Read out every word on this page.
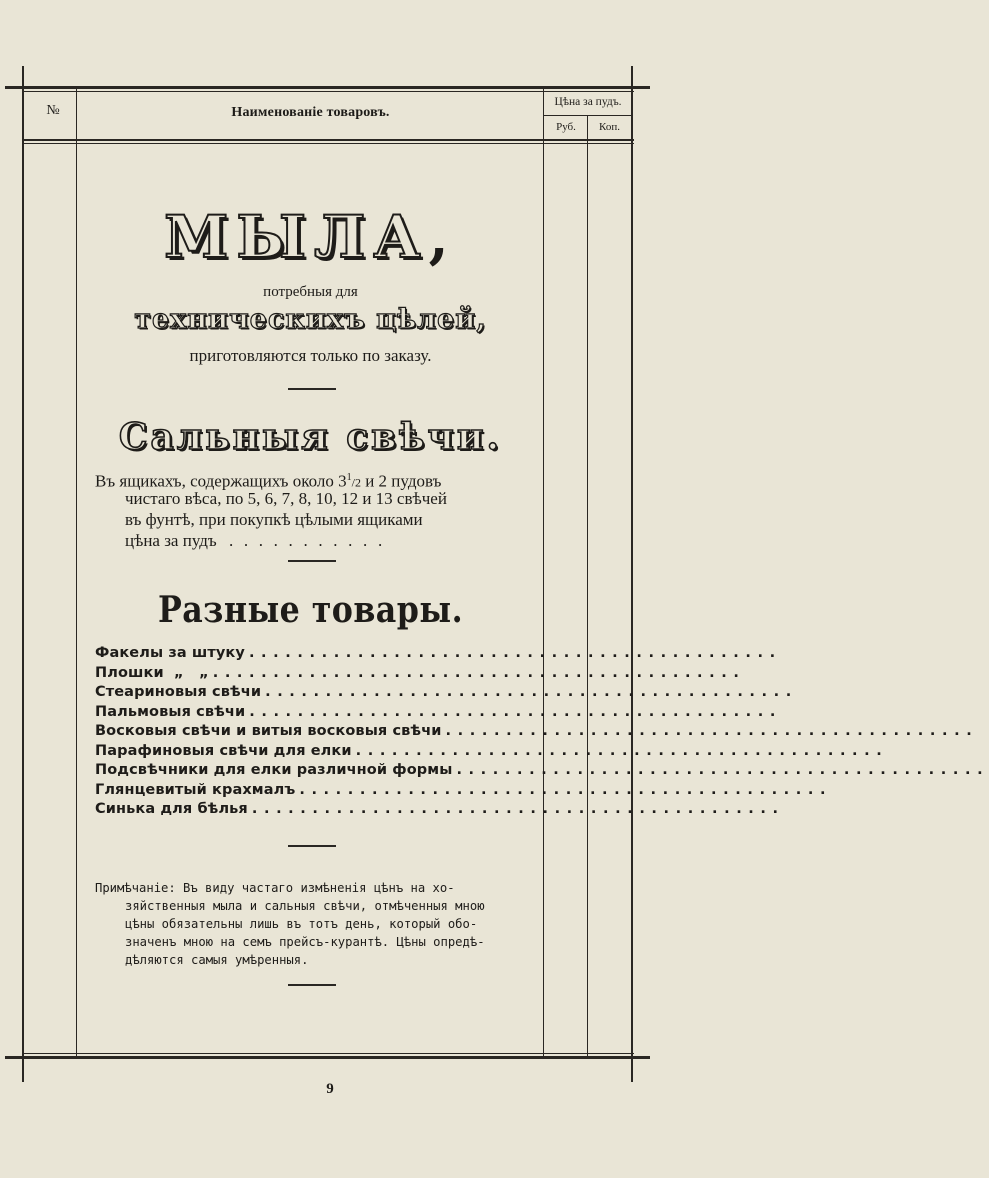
№	Наименованіе товаровъ.
Цѣна за пудъ.
Руб.	Коп.
МЫЛА,
потребныя для
техническихъ цѣлей,
приготовляются только по заказу.
Сальныя свѣчи.
Въ ящикахъ, содержащихъ около $3^1/2$ и 2 пудовъ
чистаго вѣса, по 5, 6, 7, 8, 10, 12 и 13 свѣчей
въ фунтѣ, при покупкѣ цѣлыми ящиками
цѣна за пудъ . . . . . . . . . . .
Разные товары.
Факелы за штуку ............................................
Плошки  „   „ ............................................
Стеариновыя свѣчи ............................................
Пальмовыя свѣчи ............................................
Восковыя свѣчи и витыя восковыя свѣчи ............................................
Парафиновыя свѣчи для елки ............................................
Подсвѣчники для елки различной формы ............................................
Глянцевитый крахмалъ ............................................
Синька для бѣлья ............................................
Примѣчаніе: Въ виду частаго измѣненія цѣнъ на хо-
зяйственныя мыла и сальныя свѣчи, отмѣченныя мною
цѣны обязательны лишь въ тотъ день, который обо-
значенъ мною на семъ прейсъ-курантѣ. Цѣны опредѣ-
дѣляются самыя умѣренныя.
9
